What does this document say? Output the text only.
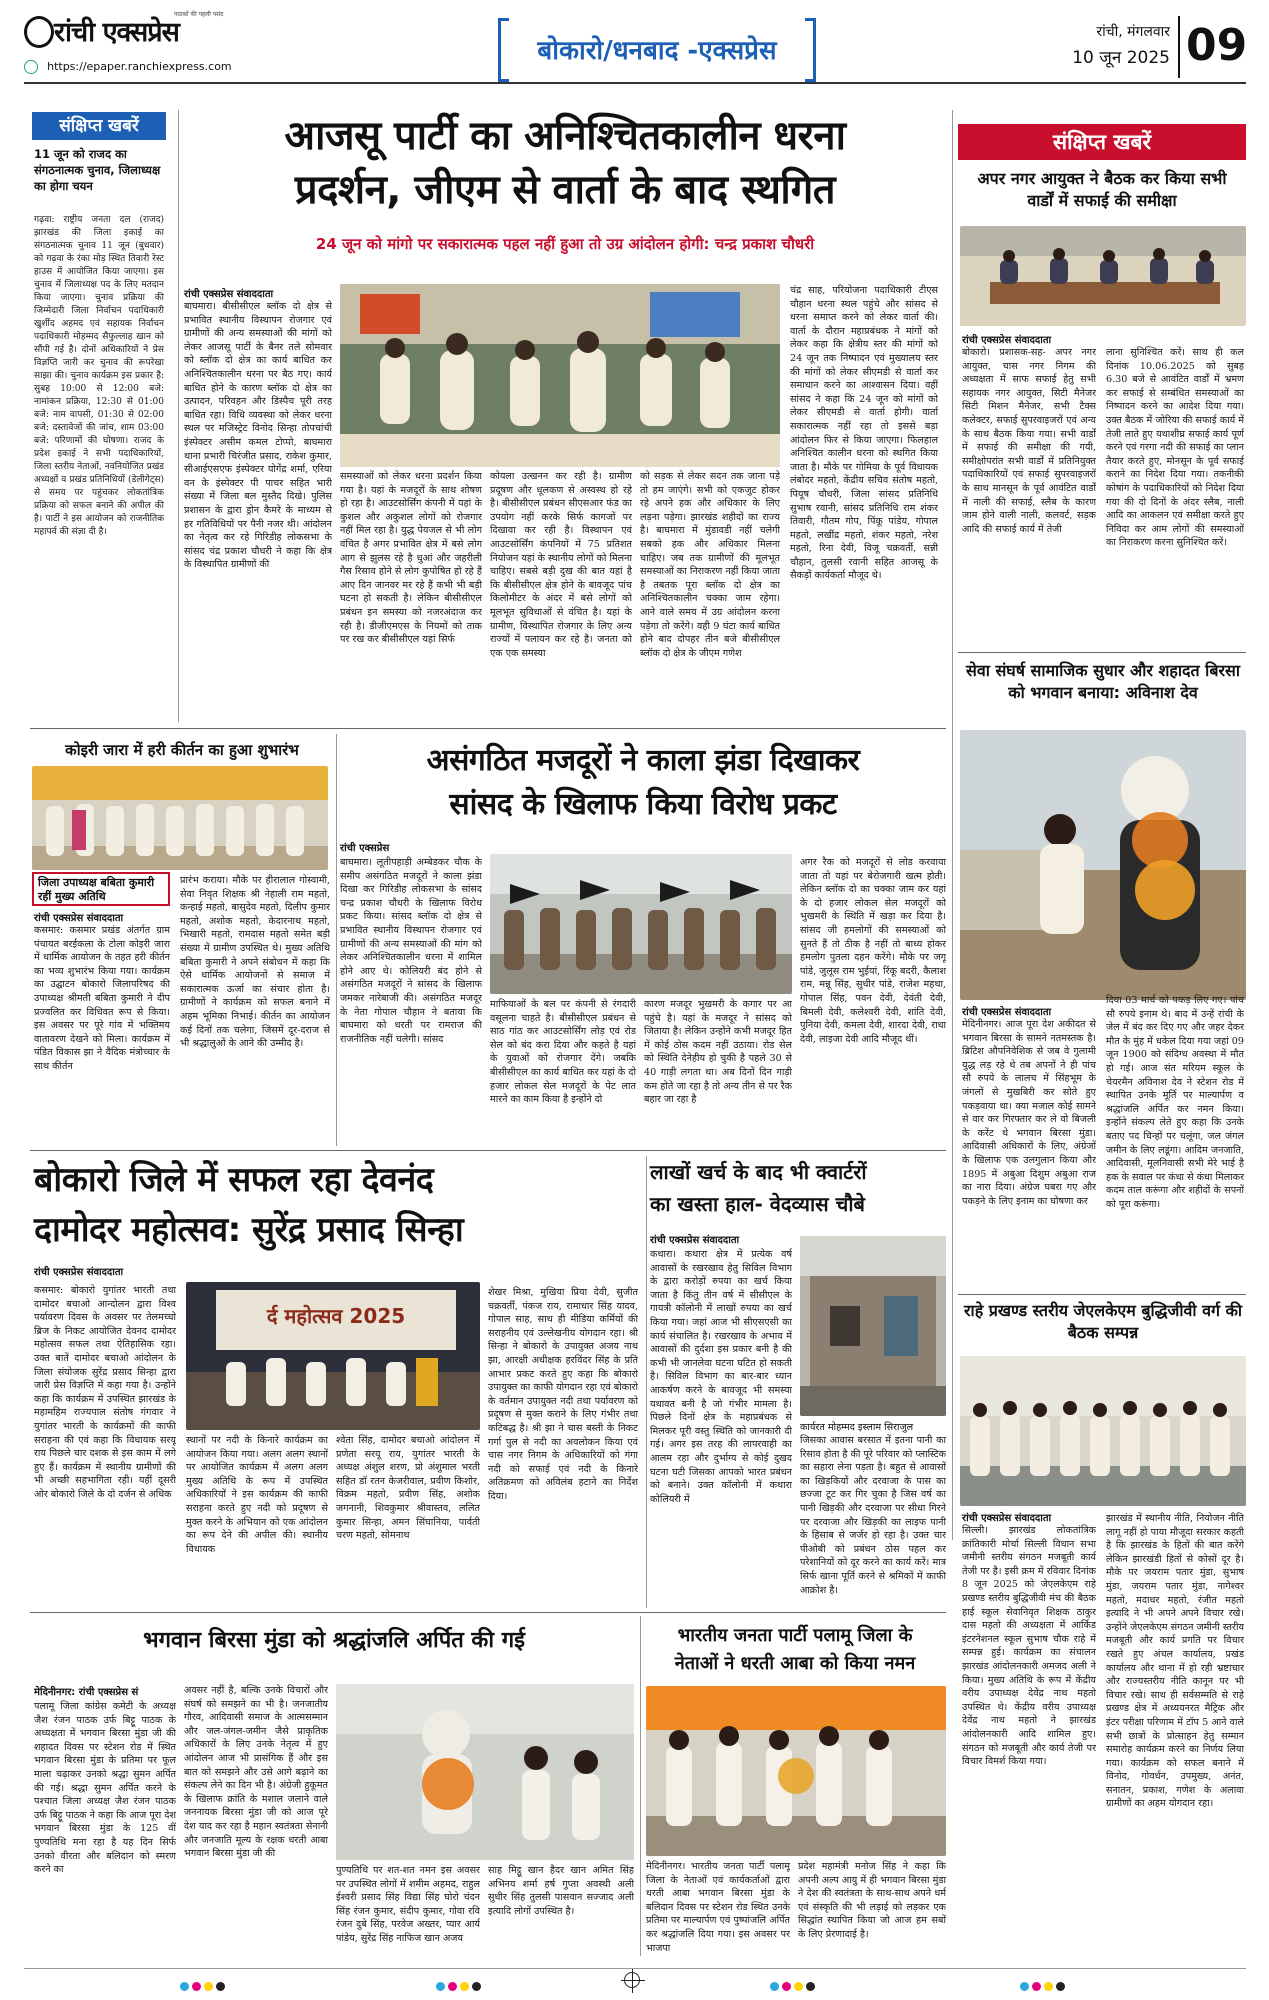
रांची एक्सप्रेस
पाठकों की पहली पसंद
https://epaper.ranchiexpress.com
बोकारो/धनबाद -एक्सप्रेस
रांची, मंगलवार
10 जून 2025 09
संक्षिप्त खबरें
11 जून को राजद का संगठनात्मक चुनाव, जिलाध्यक्ष का होगा चयन
गढ़वा: राष्ट्रीय जनता दल (राजद) झारखंड की जिला इकाई का संगठनात्मक चुनाव 11 जून (बुधवार) को गढ़वा के रंका मोड़ स्थित तिवारी रेस्ट हाउस में आयोजित किया जाएगा। इस चुनाव में जिलाध्यक्ष पद के लिए मतदान किया जाएगा। चुनाव प्रक्रिया की जिम्मेदारी जिला निर्वाचन पदाधिकारी खुर्शीद अहमद एवं सहायक निर्वाचन पदाधिकारी मोहम्मद सैफुल्लाह खान को सौंपी गई है। दोनों अधिकारियों ने प्रेस विज्ञप्ति जारी कर चुनाव की रूपरेखा साझा की। चुनाव कार्यक्रम इस प्रकार है: सुबह 10:00 से 12:00 बजे: नामांकन प्रक्रिया, 12:30 से 01:00 बजे: नाम वापसी, 01:30 से 02:00 बजे: दस्तावेजों की जांच, शाम 03:00 बजे: परिणामों की घोषणा। राजद के प्रदेश इकाई ने सभी पदाधिकारियों, जिला स्तरीय नेताओं, नवनियोजित प्रखंड अध्यक्षों व प्रखंड प्रतिनिधियों (डेलीगेट्स) से समय पर पहुंचकर लोकतांत्रिक प्रक्रिया को सफल बनाने की अपील की है। पार्टी ने इस आयोजन को राजनीतिक महापर्व की संज्ञा दी है।
आजसू पार्टी का अनिश्चितकालीन धरना
प्रदर्शन, जीएम से वार्ता के बाद स्थगित
24 जून को मांगो पर सकारात्मक पहल नहीं हुआ तो उग्र आंदोलन होगी: चन्द्र प्रकाश चौधरी
रांची एक्सप्रेस संवाददाता
बाघमारा। बीसीसीएल ब्लॉक दो क्षेत्र से प्रभावित स्थानीय विस्थापन रोजगार एवं ग्रामीणों की अन्य समस्याओं की मांगों को लेकर आजसू पार्टी के बैनर तले सोमवार को ब्लॉक दो क्षेत्र का कार्य बाधित कर अनिश्चितकालीन धरना पर बैठ गए। कार्य बाधित होने के कारण ब्लॉक दो क्षेत्र का उत्पादन, परिवहन और डिस्पैच पूरी तरह बाधित रहा। विधि व्यवस्था को लेकर धरना स्थल पर मजिस्ट्रेट विनोद सिन्हा तोपचांची इंस्पेक्टर असीम कमल टोप्पो, बाघमारा थाना प्रभारी चिरंजीत प्रसाद, राकेश कुमार, सीआईएसएफ इंस्पेक्टर योगेंद्र शर्मा, एरिया वन के इंस्पेक्टर पी पाचर सहित भारी संख्या में जिला बल मुस्तैद दिखे। पुलिस प्रशासन के द्वारा ड्रोन कैमरे के माध्यम से हर गतिविधियों पर पैनी नजर थी। आंदोलन का नेतृत्व कर रहे गिरिडीह लोकसभा के सांसद चंद्र प्रकाश चौधरी ने कहा कि क्षेत्र के विस्थापित ग्रामीणों की
समस्याओं को लेकर धरना प्रदर्शन किया गया है। यहां के मजदूरों के साथ शोषण हो रहा है। आउटसोर्सिंग कंपनी में यहां के कुशल और अकुशल लोगों को रोजगार नहीं मिल रहा है। युद्ध पेयजल से भी लोग वंचित है अगर प्रभावित क्षेत्र में बसे लोग आग से झुलस रहे है धुआं और जहरीली गैस रिसाव होने से लोग कुपोषित हो रहे हैं आए दिन जानवर मर रहे हैं कभी भी बड़ी घटना हो सकती है। लेकिन बीसीसीएल प्रबंधन इन समस्या को नजरअंदाज कर रही है। डीजीएमएस के नियमों को ताक पर रख कर बीसीसीएल यहां सिर्फ
कोयला उत्खनन कर रही है। ग्रामीण प्रदूषण और धूलकण से अस्वस्थ हो रहे है। बीसीसीएल प्रबंधन सीएसआर फंड का उपयोग नहीं करके सिर्फ कागजों पर दिखावा कर रही है। विस्थापन एवं आउटसोर्सिंग कंपनियों में 75 प्रतिशत नियोजन यहां के स्थानीय लोगों को मिलना चाहिए। सबसे बड़ी दुख की बात यहां है कि बीसीसीएल क्षेत्र होने के बावजूद पांच किलोमीटर के अंदर में बसे लोगों को मूलभूत सुविधाओं से वंचित है। यहां के ग्रामीण, विस्थापित रोजगार के लिए अन्य राज्यों में पलायन कर रहे है। जनता को एक एक समस्या
को सड़क से लेकर सदन तक जाना पड़े तो हम जाएंगे। सभी को एकजुट होकर रहे अपने हक और अधिकार के लिए लड़ना पड़ेगा। झारखंड शहीदों का राज्य है। बाघमारा में मुंडावडी नहीं चलेगी सबको हक और अधिकार मिलना चाहिए। जब तक ग्रामीणों की मूलभूत समस्याओं का निराकरण नहीं किया जाता है तबतक पूरा ब्लॉक दो क्षेत्र का अनिश्चितकालीन चक्का जाम रहेगा। आने वाले समय में उग्र आंदोलन करना पड़ेगा तो करेंगे। वही 9 घंटा कार्य बाधित होने बाद दोपहर तीन बजे बीसीसीएल ब्लॉक दो क्षेत्र के जीएम गणेश
चंद्र साह, परियोजना पदाधिकारी टीएस चौहान धरना स्थल पहुंचे और सांसद से धरना समाप्त करने को लेकर वार्ता की। वार्ता के दौरान महाप्रबंधक ने मांगों को लेकर कहा कि क्षेत्रीय स्तर की मांगों को 24 जून तक निष्पादन एवं मुख्यालय स्तर की मांगों को लेकर सीएमडी से वार्ता कर समाधान करने का आश्वासन दिया। वहीं सांसद ने कहा कि 24 जून को मांगों को लेकर सीएमडी से वार्ता होगी। वार्ता सकारात्मक नहीं रहा तो इससे बड़ा आंदोलन फिर से किया जाएगा। फिलहाल अनिश्चित कालीन धरना को स्थगित किया जाता है। मौके पर गोमिया के पूर्व विधायक लंबोदर महतो, केंद्रीय सचिव संतोष महतो, पियूष चौधरी, जिला सांसद प्रतिनिधि सुभाष रवानी, सांसद प्रतिनिधि राम शंकर तिवारी, गौतम गोप, पिंकू पांडेय, गोपाल महतो, लखींद्र महतो, शंकर महतो, नरेश महतो, रिना देवी, विजू चक्रवर्ती, सन्नी चौहान, तुलसी रवानी सहित आजसू के सैकड़ों कार्यकर्ता मौजूद थे।
संक्षिप्त खबरें
अपर नगर आयुक्त ने बैठक कर किया सभी वार्डों में सफाई की समीक्षा
रांची एक्सप्रेस संवाददाता
बोकारो। प्रशासक-सह- अपर नगर आयुक्त, चास नगर निगम की अध्यक्षता में साफ सफाई हेतु सभी सहायक नगर आयुक्त, सिटी मैनेजर सिटी मिशन मैनेजर, सभी टैक्स कलेक्टर, सफाई सुपरवाइजरों एवं अन्य के साथ बैठक किया गया। सभी वार्डों में सफाई की समीक्षा की गयी, समीक्षोपरांत सभी वार्डों में प्रतिनियुक्त पदाधिकारियों एवं सफाई सुपरवाइजरों के साथ मानसून के पूर्व आवंटित वार्डों में नाली की सफाई, स्लैब के कारण जाम होने वाली नाली, कलवर्ट, सड़क आदि की सफाई कार्य में तेजी
लाना सुनिश्चित करें। साथ ही कल दिनांक 10.06.2025 को सुबह 6.30 बजे से आवंटित वार्डों में भ्रमण कर सफाई से सम्बंधित समस्याओं का निष्पादन करने का आदेश दिया गया। उक्त बैठक में जोरिया की सफाई कार्य में तेजी लाते हुए यथाशीघ्र सफाई कार्य पूर्ण करने एवं गरगा नदी की सफाई का प्लान तैयार करते हुए, मोनसून के पूर्व सफाई कराने का निदेश दिया गया। तकनीकी कोषांग के पदाधिकारियों को निदेश दिया गया की दो दिनों के अंदर स्लैब, नाली आदि का आकलन एवं समीक्षा करते हुए निविदा कर आम लोगों की समस्याओं का निराकरण करना सुनिश्चित करें।
सेवा संघर्ष सामाजिक सुधार और शहादत बिरसा को भगवान बनाया: अविनाश देव
रांची एक्सप्रेस संवाददाता
मेदिनीनगर। आज पूरा देश अकीदत से भगवान बिरसा के सामने नतमस्तक है। ब्रिटिश औपनिवेशिक से जब वे गुलामी युद्ध लड़ रहे थे तब अपनों ने ही पांच सौ रुपये के लालच में सिंहभूम के जंगलों से मुखबिरी कर सोते हुए पकड़वाया था। क्या मजाल कोई सामने से वार कर गिरफ्तार कर ले वो बिजली के करेंट थे भगवान बिरसा मुंडा। आदिवासी अधिकारों के लिए, अंग्रेजों के खिलाफ एक उलगुलान किया और 1895 में अबुआ दिशुम अबुआ राज का नारा दिया। अंग्रेज घबरा गए और पकड़ने के लिए इनाम का घोषणा कर
दिया 03 मार्च को पकड़ लिए गए। पांच सौ रुपये इनाम थे। बाद में उन्हें रांची के जेल में बंद कर दिए गए और जहर देकर मौत के मुंह में धकेल दिया गया जहां 09 जून 1900 को संदिग्ध अवस्था में मौत हो गई। आज संत मरियम स्कूल के चेयरमैन अविनाश देव ने स्टेशन रोड में स्थापित उनके मूर्ति पर माल्यार्पण व श्रद्धांजलि अर्पित कर नमन किया। इन्होंने संकल्प लेते हुए कहा कि उनके बताए पद चिन्हों पर चलूंगा, जल जंगल जमीन के लिए लडूंगा। आदिम जनजाति, आदिवासी, मूलनिवासी सभी मेरे भाई है हक के सवाल पर कंधा से कंधा मिलाकर कदम ताल करूंगा और शहीदों के सपनों को पूरा करूंगा।
राहे प्रखण्ड स्तरीय जेएलकेएम बुद्धिजीवी वर्ग की बैठक सम्पन्न
रांची एक्सप्रेस संवाददाता
सिल्ली। झारखंड लोकतांत्रिक क्रांतिकारी मोर्चा सिल्ली विधान सभा जमीनी स्तरीय संगठन मजबूती कार्य तेजी पर है। इसी क्रम में रविवार दिनांक 8 जून 2025 को जेएलकेएम राहे प्रखण्ड स्तरीय बुद्धिजीवी मंच की बैठक हाई स्कूल सेवानिवृत शिक्षक ठाकुर दास महतो की अध्यक्षता में आर्किड इंटरनेशनल स्कूल सुभाष चौक राहे में सम्पन्न हुई। कार्यक्रम का संचालन झारखंड आंदोलनकारी अमजद अली ने किया। मुख्य अतिथि के रूप में केंद्रीय वरीय उपाध्यक्ष देवेंद्र नाथ महतो उपस्थित थे। केंद्रीय वरीय उपाध्यक्ष देवेंद्र नाथ महतो ने झारखंड आंदोलनकारी आदि शामिल हुए। संगठन को मजबूती और कार्य तेजी पर विचार विमर्श किया गया।
झारखंड में स्थानीय नीति, नियोजन नीति लागू नहीं हो पाया मौजूदा सरकार कहती है कि झारखंड के हितों की बात करेंगे लेकिन झारखंडी हितों से कोसों दूर है। मौके पर जयराम पतार मुंडा, सुभाष मुंडा, जयराम पतार मुंडा, नागेश्वर महतो, मदाधर महतो, रंजीत महतो इत्यादि ने भी अपने अपने विचार रखे। उन्होंने जेएलकेएम संगठन जमीनी स्तरीय मजबूती और कार्य प्रगति पर विचार रखते हुए अंचल कार्यालय, प्रखंड कार्यालय और थाना में हो रही भ्रष्टाचार और राज्यस्तरीय नीति कानून पर भी विचार रखे। साथ ही सर्वसम्मति से राहे प्रखण्ड क्षेत्र में अध्ययनरत मैट्रिक और इंटर परीक्षा परिणाम में टॉप 5 आने वाले सभी छात्रों के प्रोत्साहन हेतु सम्मान समारोह कार्यक्रम करने का निर्णय लिया गया। कार्यक्रम को सफल बनाने में विनोद, गोवर्धन, उपमुख्य, अनंत, सनातन, प्रकाश, गणेश के अलावा ग्रामीणों का अहम योगदान रहा।
कोइरी जारा में हरी कीर्तन का हुआ शुभारंभ
जिला उपाध्यक्ष बबिता कुमारी रहीं मुख्य अतिथि
रांची एक्सप्रेस संवाददाता
कसमार: कसमार प्रखंड अंतर्गत ग्राम पंचायत बरईकला के टोला कोइरी जारा में धार्मिक आयोजन के तहत हरी कीर्तन का भव्य शुभारंभ किया गया। कार्यक्रम का उद्घाटन बोकारो जिलापरिषद की उपाध्यक्ष श्रीमती बबिता कुमारी ने दीप प्रज्वलित कर विधिवत रूप से किया। इस अवसर पर पूरे गांव में भक्तिमय वातावरण देखने को मिला। कार्यक्रम में पंडित विकास झा ने वैदिक मंत्रोच्चार के साथ कीर्तन
प्रारंभ कराया। मौके पर हीरालाल गोस्वामी, सेवा निवृत शिक्षक श्री नेहाली राम महतो, कन्हाई महतो, बासुदेव महतो, दिलीप कुमार महतो, अशोक महतो, केदारनाथ महतो, भिखारी महतो, रामदास महतो समेत बड़ी संख्या में ग्रामीण उपस्थित थे। मुख्य अतिथि बबिता कुमारी ने अपने संबोधन में कहा कि ऐसे धार्मिक आयोजनों से समाज में सकारात्मक ऊर्जा का संचार होता है। ग्रामीणों ने कार्यक्रम को सफल बनाने में अहम भूमिका निभाई। कीर्तन का आयोजन कई दिनों तक चलेगा, जिसमें दूर-दराज से भी श्रद्धालुओं के आने की उम्मीद है।
असंगठित मजदूरों ने काला झंडा दिखाकर
सांसद के खिलाफ किया विरोध प्रकट
रांची एक्सप्रेस
बाघमारा। लूतीपहाड़ी अम्बेडकर चौक के समीप असंगठित मजदूरों ने काला झंडा दिखा कर गिरिडीह लोकसभा के सांसद चन्द्र प्रकाश चौधरी के खिलाफ विरोध प्रकट किया। सांसद ब्लॉक दो क्षेत्र से प्रभावित स्थानीय विस्थापन रोजगार एवं ग्रामीणों की अन्य समस्याओं की मांग को लेकर अनिश्चितकालीन धरना में शामिल होने आए थे। कोलियरी बंद होने से असंगठित मजदूरों ने सांसद के खिलाफ जमकर नारेबाजी की। असंगठित मजदूर के नेता गोपाल चौहान ने बताया कि बाघमारा को धरती पर रामराज की राजनीतिक नहीं चलेगी। सांसद
माफियाओं के बल पर कंपनी से रंगदारी वसूलना चाहते है। बीसीसीएल प्रबंधन से साठ गांठ कर आउटसोर्सिंग लोड़ एवं रोड सेल को बंद करा दिया और कहते है यहां के युवाओं को रोजगार देंगे। जबकि बीसीसीएल का कार्य बाधित कर यहां के दो हजार लोकल सेल मजदूरों के पेट लात मारने का काम किया है इन्होंने दो
कारण मजदूर भुखमरी के कगार पर आ पहुंचे है। यहां के मजदूर ने सांसद को जिताया है। लेकिन उन्होंने कभी मजदूर हित में कोई ठोस कदम नहीं उठाया। रोड सेल को स्थिति देनेहीय हो चुकी है पहले 30 से 40 गाड़ी लगता था। अब दिनों दिन गाड़ी कम होते जा रहा है तो अन्य तीन से पर रैक बहार जा रहा है
अगर रैक को मजदूरों से लोड करवाया जाता तो यहां पर बेरोजगारी खत्म होती। लेकिन ब्लॉक दो का चक्का जाम कर यहां के दो हजार लोकल सेल मजदूरों को भुखमरी के स्थिति में खड़ा कर दिया है। सांसद जी हमलोगों की समस्याओं को सुनते हैं तो ठीक है नहीं तो बाध्य होकर हमलोग पुतला दहन करेंगे। मौके पर जगू पांडे, जुलूस राम भुईयां, रिंकू बदरी, कैलाश राम, मन्नू सिंह, सुधीर पांडे, राजेश महथा, गोपाल सिंह, पवन देवी, देवंती देवी, बिमली देवी, कलेश्वरी देवी, शांति देवी, पुनिया देवी, कमला देवी, शारदा देवी, राधा देवी, लाइजा देवी आदि मौजूद थीं।
बोकारो जिले में सफल रहा देवनंद
दामोदर महोत्सव: सुरेंद्र प्रसाद सिन्हा
रांची एक्सप्रेस संवाददाता
कसमार: बोकारो युगांतर भारती तथा दामोदर बचाओ आन्दोलन द्वारा विश्व पर्यावरण दिवस के अवसर पर तेलमच्चो ब्रिज के निकट आयोजित देवनद दामोदर महोत्सव सफल तथा ऐतिहासिक रहा। उक्त बातें दामोदर बचाओ आंदोलन के जिला संयोजक सुरेंद्र प्रसाद सिन्हा द्वारा जारी प्रेस विज्ञप्ति में कहा गया है। उन्होंने कहा कि कार्यक्रम में उपस्थित झारखंड के महामहिम राज्यपाल संतोष गंगवार ने युगांतर भारती के कार्यक्रमों की काफी सराहना की एवं कहा कि विधायक सरयू राय पिछले चार दशक से इस काम में लगे हुए हैं। कार्यक्रम में स्थानीय ग्रामीणों की भी अच्छी सहभागिता रही। यहीं दूसरी ओर बोकारो जिले के दो दर्जन से अधिक
र्द महोत्सव 2025
स्थानों पर नदी के किनारे कार्यक्रम का आयोजन किया गया। अलग अलग स्थानों पर आयोजित कार्यक्रम में अलग अलग मुख्य अतिथि के रूप में उपस्थित अधिकारियों ने इस कार्यक्रम की काफी सराहना करते हुए नदी को प्रदूषण से मुक्त करने के अभियान को एक आंदोलन का रूप देने की अपील की। स्थानीय विधायक
श्वेता सिंह, दामोदर बचाओ आंदोलन में प्रणेता सरयू राय, युगांतर भारती के अध्यक्ष अंशुल शरण, प्रो अंशुमाल भरती सहित डॉ रतन केजरीवाल, प्रवीण किशोर, विक्रम महतो, प्रवीण सिंह, अशोक जगनानी, शिवकुमार श्रीवास्तव, ललित कुमार सिन्हा, अमन सिंघानिया, पार्वती चरण महतो, सोमनाथ
शेखर मिश्रा, मुखिया प्रिया देवी, सुजीत चक्रवर्ती, पंकज राय, रामाधार सिंह यादव, गोपाल साह, साथ ही मीडिया कर्मियों की सराहनीय एवं उल्लेखनीय योगदान रहा। श्री सिन्हा ने बोकारो के उपायुक्त अजय नाथ झा, आरक्षी अधीक्षक हरविंदर सिंह के प्रति आभार प्रकट करते हुए कहा कि बोकारो उपायुक्त का काफी योगदान रहा एवं बोकारो के वर्तमान उपायुक्त नदी तथा पर्यावरण को प्रदूषण से मुक्त कराने के लिए गंभीर तथा कटिबद्ध है। श्री झा ने चास बस्ती के निकट गर्गा पुल से नदी का अवलोकन किया एवं चास नगर निगम के अधिकारियों को गंगा नदी को सफाई एवं नदी के किनारे अतिक्रमण को अविलंब हटाने का निर्देश दिया।
लाखों खर्च के बाद भी क्वार्टरों
का खस्ता हाल- वेदव्यास चौबे
रांची एक्सप्रेस संवाददाता
कथारा। कथारा क्षेत्र में प्रत्येक वर्ष आवासों के रखरखाव हेतु सिविल विभाग के द्वारा करोड़ों रुपया का खर्च किया जाता है किंतु तीन वर्ष में सीसीएल के गायत्री कॉलोनी में लाखों रुपया का खर्च किया गया। जहां आज भी सीएसएसी का कार्य संचालित है। रखरखाव के अभाव में आवासों की दुर्दशा इस प्रकार बनी है की कभी भी जानलेवा घटना घटित हो सकती है। सिविल विभाग का बार-बार ध्यान आकर्षण करने के बावजूद भी समस्या यथावत बनी है जो गंभीर मामला है। पिछले दिनों क्षेत्र के महाप्रबंधक से मिलकर पूरी वस्तु स्थिति को जानकारी दी गई। अगर इस तरह की लापरवाही का आलम रहा और दुर्भाग्य से कोई दुखद घटना घटी जिसका आपको भारत प्रबंधन को बनाने। उक्त कॉलोनी में कथारा कोलियरी में
कार्यरत मोहम्मद इस्लाम सिराजुल
जिसका आवास बरसात में इतना पानी का रिसाव होता है की पूरे परिवार को प्लास्टिक का सहारा लेना पड़ता है। बहुत से आवासों का खिड़कियों और दरवाजा के पास का छज्जा टूट कर गिर चुका है जिस वर्ष का पानी खिड़की और दरवाजा पर सीधा गिरने पर दरवाजा और खिड़की का लाइफ पानी के हिसाब से जर्जर हो रहा है। उक्त चार पीओबी को प्रबंधन ठोस पहल कर परेशानियों को दूर करने का कार्य करें। मात्र सिर्फ खाना पूर्ति करने से श्रमिकों में काफी आक्रोश है।
भगवान बिरसा मुंडा को श्रद्धांजलि अर्पित की गई
मेदिनीनगर: रांची एक्सप्रेस सं
पलामू जिला कांग्रेस कमेटी के अध्यक्ष जैश रंजन पाठक उर्फ बिट्टू पाठक के अध्यक्षता में भगवान बिरसा मुंडा जी की शहादत दिवस पर स्टेशन रोड में स्थित भगवान बिरसा मुंडा के प्रतिमा पर फूल माला चढ़ाकर उनको श्रद्धा सुमन अर्पित की गई। श्रद्धा सुमन अर्पित करने के पश्चात जिला अध्यक्ष जैश रंजन पाठक उर्फ बिट्टू पाठक ने कहा कि आज पूरा देश भगवान बिरसा मुंडा के 125 वीं पुण्यतिथि मना रहा है यह दिन सिर्फ उनको वीरता और बलिदान को स्मरण करने का
अवसर नहीं है, बल्कि उनके विचारों और संघर्ष को समझने का भी है। जनजातीय गौरव, आदिवासी समाज के आत्मसम्मान और जल-जंगल-जमीन जैसे प्राकृतिक अधिकारों के लिए उनके नेतृत्व में हुए आंदोलन आज भी प्रासंगिक हैं और इस बात को समझने और उसे आगे बढ़ाने का संकल्प लेने का दिन भी है। अंग्रेजी हुकूमत के खिलाफ क्रांति के मशाल जलाने वाले जननायक बिरसा मुंडा जी को आज पूरे देश याद कर रहा है महान स्वतंत्रता सेनानी और जनजाति मूल्य के रक्षक धरती आबा भगवान बिरसा मुंडा जी की
पुण्यतिथि पर शत-शत नमन इस अवसर पर उपस्थित लोगों में शमीम अहमद, राहुल ईश्वरी प्रसाद सिंह विद्या सिंह घोरो चंदन सिंह रंजन कुमार, संदीप कुमार, गोवा रवि रंजन दुबे सिंह, परवेज अख्तर, प्यार आर्य पांडेय, सुरेंद्र सिंह नाफिज खान अजय
साह मिट्ठू खान हैदर खान अमित सिंह अभिनय शर्मा हर्ष गुप्ता अवस्थी अली सुधीर सिंह तुलसी पासवान सज्जाद अली इत्यादि लोगों उपस्थित है।
भारतीय जनता पार्टी पलामू जिला के
नेताओं ने धरती आबा को किया नमन
मेदिनीनगर। भारतीय जनता पार्टी पलामू जिला के नेताओं एवं कार्यकर्ताओं द्वारा धरती आबा भगवान बिरसा मुंडा के बलिदान दिवस पर स्टेशन रोड स्थित उनके प्रतिमा पर माल्यार्पण एवं पुष्पांजलि अर्पित कर श्रद्धांजलि दिया गया। इस अवसर पर भाजपा
प्रदेश महामंत्री मनोज सिंह ने कहा कि अपनी अल्प आयु में ही भगवान बिरसा मुंडा ने देश की स्वतंत्रता के साथ-साथ अपने धर्म एवं संस्कृति की भी लड़ाई को लड़कर एक सिद्धांत स्थापित किया जो आज हम सबों के लिए प्रेरणादाई है।
